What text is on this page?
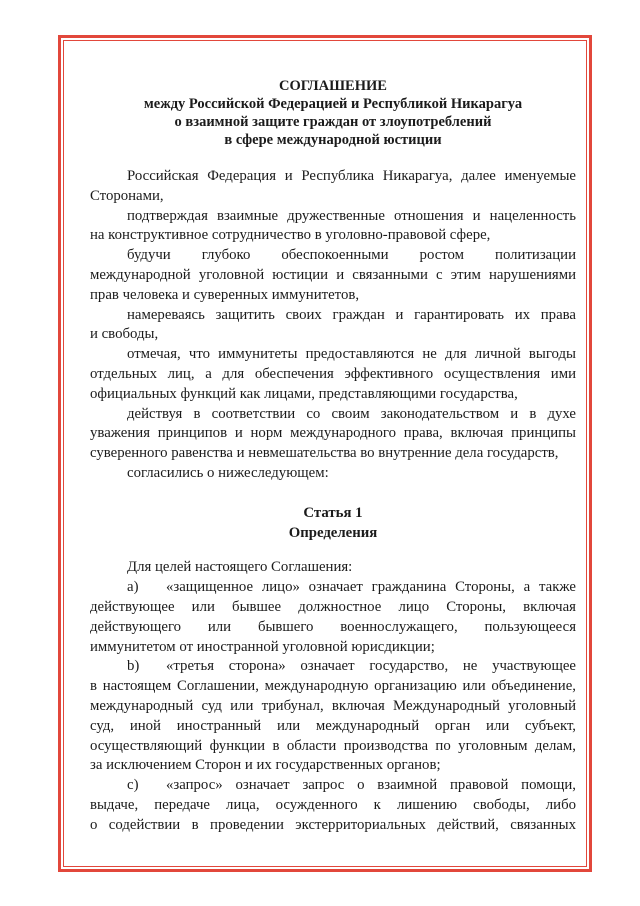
СОГЛАШЕНИЕ
между Российской Федерацией и Республикой Никарагуа
о взаимной защите граждан от злоупотреблений
в сфере международной юстиции
Российская Федерация и Республика Никарагуа, далее именуемые
Сторонами,
подтверждая взаимные дружественные отношения и нацеленность
на конструктивное сотрудничество в уголовно-правовой сфере,
будучи глубоко обеспокоенными ростом политизации
международной уголовной юстиции и связанными с этим нарушениями
прав человека и суверенных иммунитетов,
намереваясь защитить своих граждан и гарантировать их права
и свободы,
отмечая, что иммунитеты предоставляются не для личной выгоды
отдельных лиц, а для обеспечения эффективного осуществления ими
официальных функций как лицами, представляющими государства,
действуя в соответствии со своим законодательством и в духе
уважения принципов и норм международного права, включая принципы
суверенного равенства и невмешательства во внутренние дела государств,
согласились о нижеследующем:
Статья 1
Определения
Для целей настоящего Соглашения:
a) «защищенное лицо» означает гражданина Стороны, а также
действующее или бывшее должностное лицо Стороны, включая
действующего или бывшего военнослужащего, пользующееся
иммунитетом от иностранной уголовной юрисдикции;
b) «третья сторона» означает государство, не участвующее
в настоящем Соглашении, международную организацию или объединение,
международный суд или трибунал, включая Международный уголовный
суд, иной иностранный или международный орган или субъект,
осуществляющий функции в области производства по уголовным делам,
за исключением Сторон и их государственных органов;
c) «запрос» означает запрос о взаимной правовой помощи,
выдаче, передаче лица, осужденного к лишению свободы, либо
о содействии в проведении экстерриториальных действий, связанных
